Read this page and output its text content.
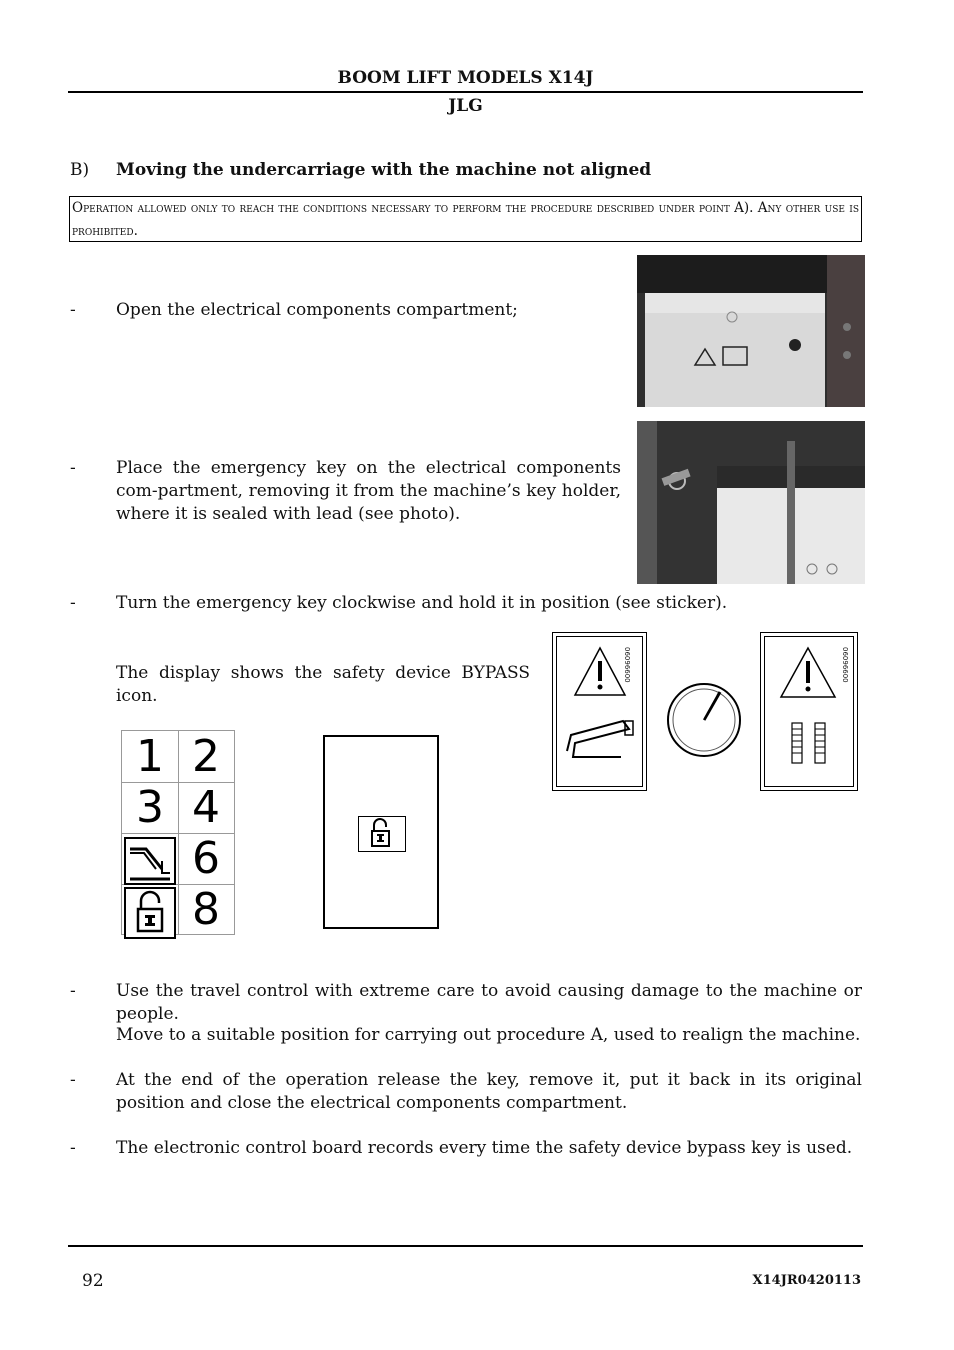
BOOM LIFT MODELS X14J
JLG
B) Moving the undercarriage with the machine not aligned
Operation allowed only to reach the conditions necessary to perform the procedure described under point A). Any other use is prohibited.
- Open the electrical components compartment;
- Place the emergency key on the electrical components com-partment, removing it from the machine’s key holder, where it is sealed with lead (see photo).
- Turn the emergency key clockwise and hold it in position (see sticker).
The display shows the safety device BYPASS icon.
06096600	06096600
1 2
3 4
6
8
- Use the travel control with extreme care to avoid causing damage to the machine or people.
Move to a suitable position for carrying out procedure A, used to realign the machine.
- At the end of the operation release the key, remove it, put it back in its original position and close the electrical components compartment.
- The electronic control board records every time the safety device bypass key is used.
92	X14JR0420113
